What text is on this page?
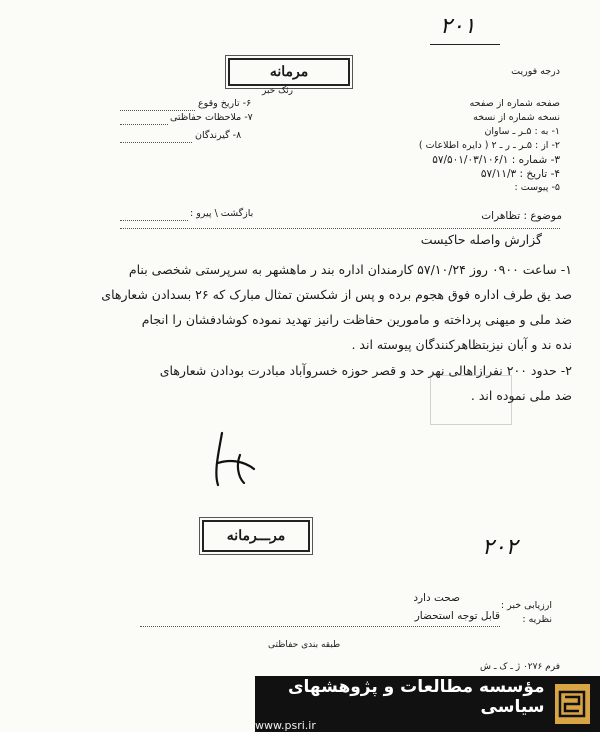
۲۰۱
درجه فوریت
مرمانه
رئک خبر
۶- تاریخ وقوع
۷- ملاحظات حفاظتی
۸- گیرندگان
صفحه شماره از صفحه
نسخه شماره از نسخه
۱- به : ۵ـر ـ ساوان
۲- از : ۵ـر ـ ر ـ ۲ ( دایره اطلاعات )
۳- شماره : ۵۷/۵۰۱/۰۳/۱۰۶/۱
۴- تاریخ : ۵۷/۱۱/۳
۵- پیوست :
موضوع : تظاهرات
بازگشت \ پیرو :
گزارش واصله حاکیست
۱- ساعت ۰۹۰۰ روز ۵۷/۱۰/۲۴ کارمندان اداره بند ر ماهشهر به سرپرستی شخصی بنام
صد یق طرف اداره فوق هجوم برده و پس از شکستن تمثال مبارک که ۲۶ بسدادن شعارهای
ضد ملی و میهنی پرداخته و مامورین حفاظت رانیز تهدید نموده کوشادفشان را انجام
نده ند و آبان نیزبتظاهرکنندگان پیوسته اند .
۲- حدود ۲۰۰ نفرازاهالی نهر حد و قصر حوزه خسروآباد مبادرت بودادن شعارهای
ضد ملی نموده اند .
مرـــرمانه	۲۰۲
ارزیابی خبر :
صحت دارد
نظریه :
قابل توجه استحضار
طبقه بندی حفاظتی
فرم ۰۲۷۶ ژ ـ ک ـ ش
مؤسسه مطالعات و پژوهشهای سیاسی
www.psri.ir
